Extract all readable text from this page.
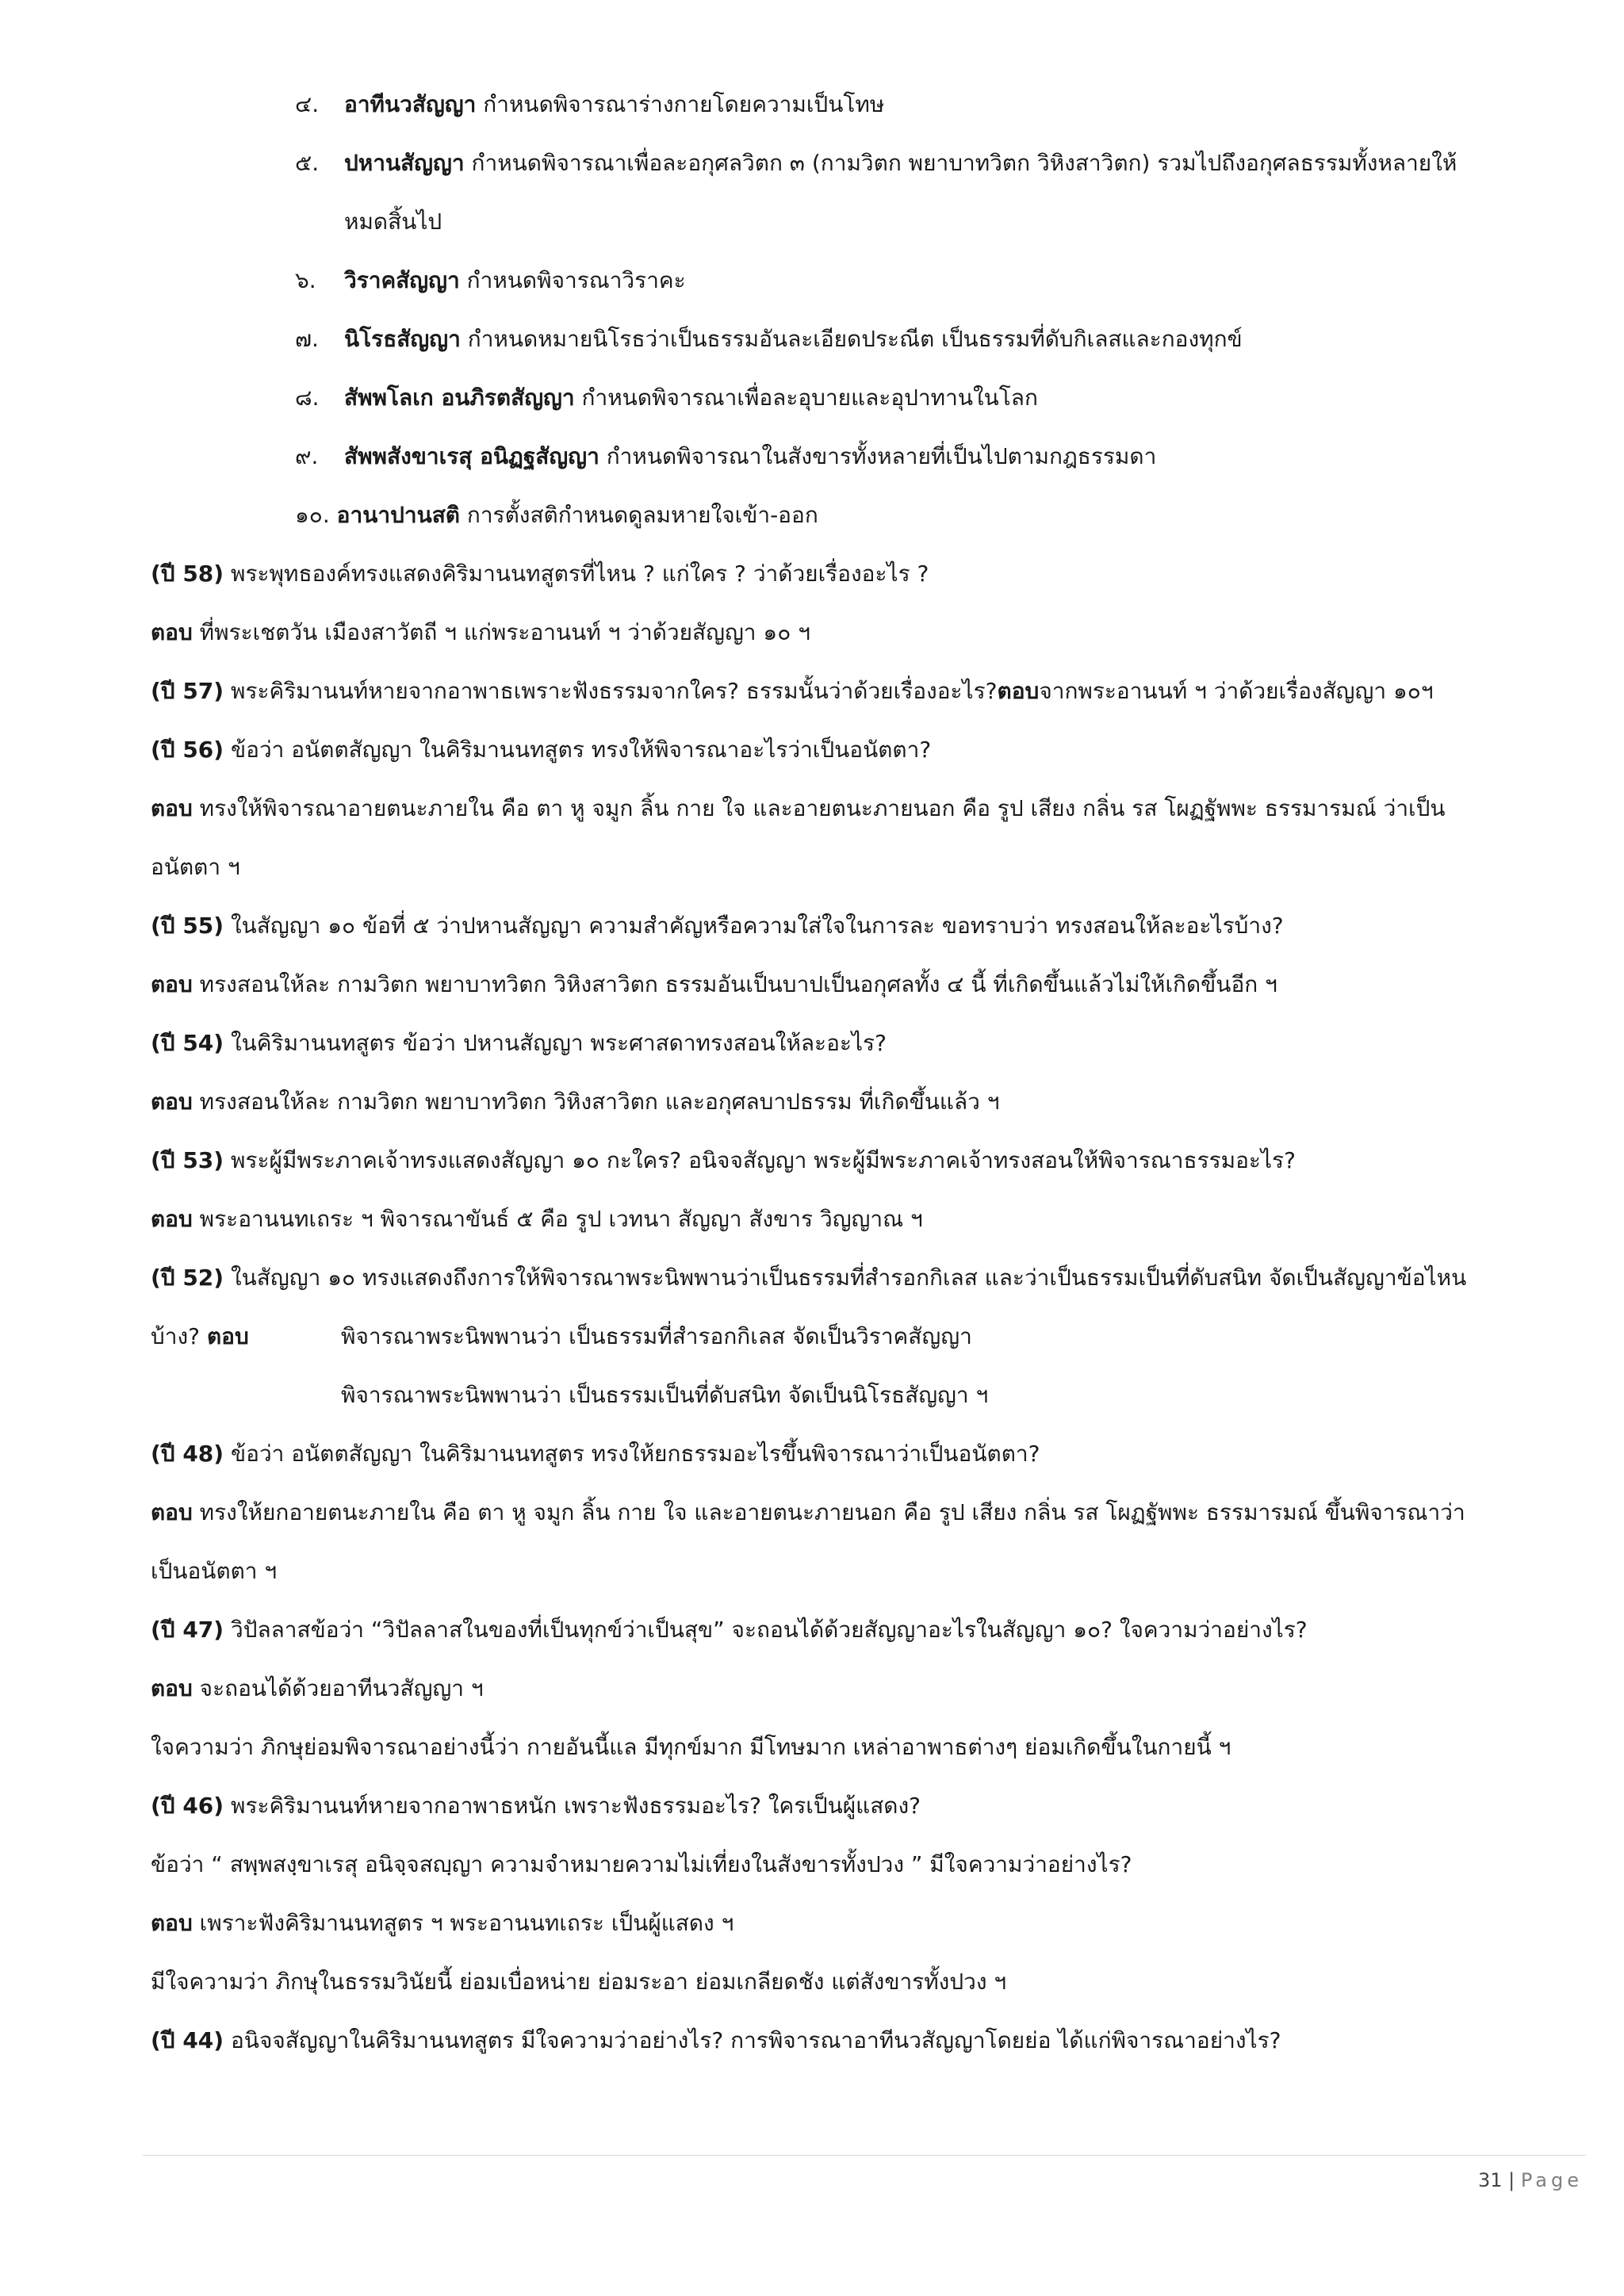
๔. อาทีนวสัญญา กำหนดพิจารณาร่างกายโดยความเป็นโทษ
๕. ปหานสัญญา กำหนดพิจารณาเพื่อละอกุศลวิตก ๓ (กามวิตก พยาบาทวิตก วิหิงสาวิตก) รวมไปถึงอกุศลธรรมทั้งหลายให้
หมดสิ้นไป
๖. วิราคสัญญา กำหนดพิจารณาวิราคะ
๗. นิโรธสัญญา กำหนดหมายนิโรธว่าเป็นธรรมอันละเอียดประณีต เป็นธรรมที่ดับกิเลสและกองทุกข์
๘. สัพพโลเก อนภิรตสัญญา กำหนดพิจารณาเพื่อละอุบายและอุปาทานในโลก
๙. สัพพสังขาเรสุ อนิฏฐสัญญา กำหนดพิจารณาในสังขารทั้งหลายที่เป็นไปตามกฎธรรมดา
๑๐. อานาปานสติ การตั้งสติกำหนดดูลมหายใจเข้า-ออก
(ปี 58) พระพุทธองค์ทรงแสดงคิริมานนทสูตรที่ไหน ? แก่ใคร ? ว่าด้วยเรื่องอะไร ?
ตอบ ที่พระเชตวัน เมืองสาวัตถี ฯ แก่พระอานนท์ ฯ ว่าด้วยสัญญา ๑๐ ฯ
(ปี 57) พระคิริมานนท์หายจากอาพาธเพราะฟังธรรมจากใคร? ธรรมนั้นว่าด้วยเรื่องอะไร?ตอบจากพระอานนท์ ฯ ว่าด้วยเรื่องสัญญา ๑๐ฯ
(ปี 56) ข้อว่า อนัตตสัญญา ในคิริมานนทสูตร ทรงให้พิจารณาอะไรว่าเป็นอนัตตา?
ตอบ ทรงให้พิจารณาอายตนะภายใน คือ ตา หู จมูก ลิ้น กาย ใจ และอายตนะภายนอก คือ รูป เสียง กลิ่น รส โผฏฐัพพะ ธรรมารมณ์ ว่าเป็น
อนัตตา ฯ
(ปี 55) ในสัญญา ๑๐ ข้อที่ ๕ ว่าปหานสัญญา ความสำคัญหรือความใส่ใจในการละ ขอทราบว่า ทรงสอนให้ละอะไรบ้าง?
ตอบ ทรงสอนให้ละ กามวิตก พยาบาทวิตก วิหิงสาวิตก ธรรมอันเป็นบาปเป็นอกุศลทั้ง ๔ นี้ ที่เกิดขึ้นแล้วไม่ให้เกิดขึ้นอีก ฯ
(ปี 54) ในคิริมานนทสูตร ข้อว่า ปหานสัญญา พระศาสดาทรงสอนให้ละอะไร?
ตอบ ทรงสอนให้ละ กามวิตก พยาบาทวิตก วิหิงสาวิตก และอกุศลบาปธรรม ที่เกิดขึ้นแล้ว ฯ
(ปี 53) พระผู้มีพระภาคเจ้าทรงแสดงสัญญา ๑๐ กะใคร? อนิจจสัญญา พระผู้มีพระภาคเจ้าทรงสอนให้พิจารณาธรรมอะไร?
ตอบ พระอานนทเถระ ฯ พิจารณาขันธ์ ๕ คือ รูป เวทนา สัญญา สังขาร วิญญาณ ฯ
(ปี 52) ในสัญญา ๑๐ ทรงแสดงถึงการให้พิจารณาพระนิพพานว่าเป็นธรรมที่สำรอกกิเลส และว่าเป็นธรรมเป็นที่ดับสนิท จัดเป็นสัญญาข้อไหน
บ้าง? ตอบ	พิจารณาพระนิพพานว่า เป็นธรรมที่สำรอกกิเลส จัดเป็นวิราคสัญญา
พิจารณาพระนิพพานว่า เป็นธรรมเป็นที่ดับสนิท จัดเป็นนิโรธสัญญา ฯ
(ปี 48) ข้อว่า อนัตตสัญญา ในคิริมานนทสูตร ทรงให้ยกธรรมอะไรขึ้นพิจารณาว่าเป็นอนัตตา?
ตอบ ทรงให้ยกอายตนะภายใน คือ ตา หู จมูก ลิ้น กาย ใจ และอายตนะภายนอก คือ รูป เสียง กลิ่น รส โผฏฐัพพะ ธรรมารมณ์ ขึ้นพิจารณาว่า
เป็นอนัตตา ฯ
(ปี 47) วิปัลลาสข้อว่า “วิปัลลาสในของที่เป็นทุกข์ว่าเป็นสุข” จะถอนได้ด้วยสัญญาอะไรในสัญญา ๑๐? ใจความว่าอย่างไร?
ตอบ จะถอนได้ด้วยอาทีนวสัญญา ฯ
ใจความว่า ภิกษุย่อมพิจารณาอย่างนี้ว่า กายอันนี้แล มีทุกข์มาก มีโทษมาก เหล่าอาพาธต่างๆ ย่อมเกิดขึ้นในกายนี้ ฯ
(ปี 46) พระคิริมานนท์หายจากอาพาธหนัก เพราะฟังธรรมอะไร? ใครเป็นผู้แสดง?
ข้อว่า “ สพฺพสงฺขาเรสุ อนิจฺจสญฺญา ความจำหมายความไม่เที่ยงในสังขารทั้งปวง ” มีใจความว่าอย่างไร?
ตอบ เพราะฟังคิริมานนทสูตร ฯ พระอานนทเถระ เป็นผู้แสดง ฯ
มีใจความว่า ภิกษุในธรรมวินัยนี้ ย่อมเบื่อหน่าย ย่อมระอา ย่อมเกลียดชัง แต่สังขารทั้งปวง ฯ
(ปี 44) อนิจจสัญญาในคิริมานนทสูตร มีใจความว่าอย่างไร? การพิจารณาอาทีนวสัญญาโดยย่อ ได้แก่พิจารณาอย่างไร?
31 | Page
